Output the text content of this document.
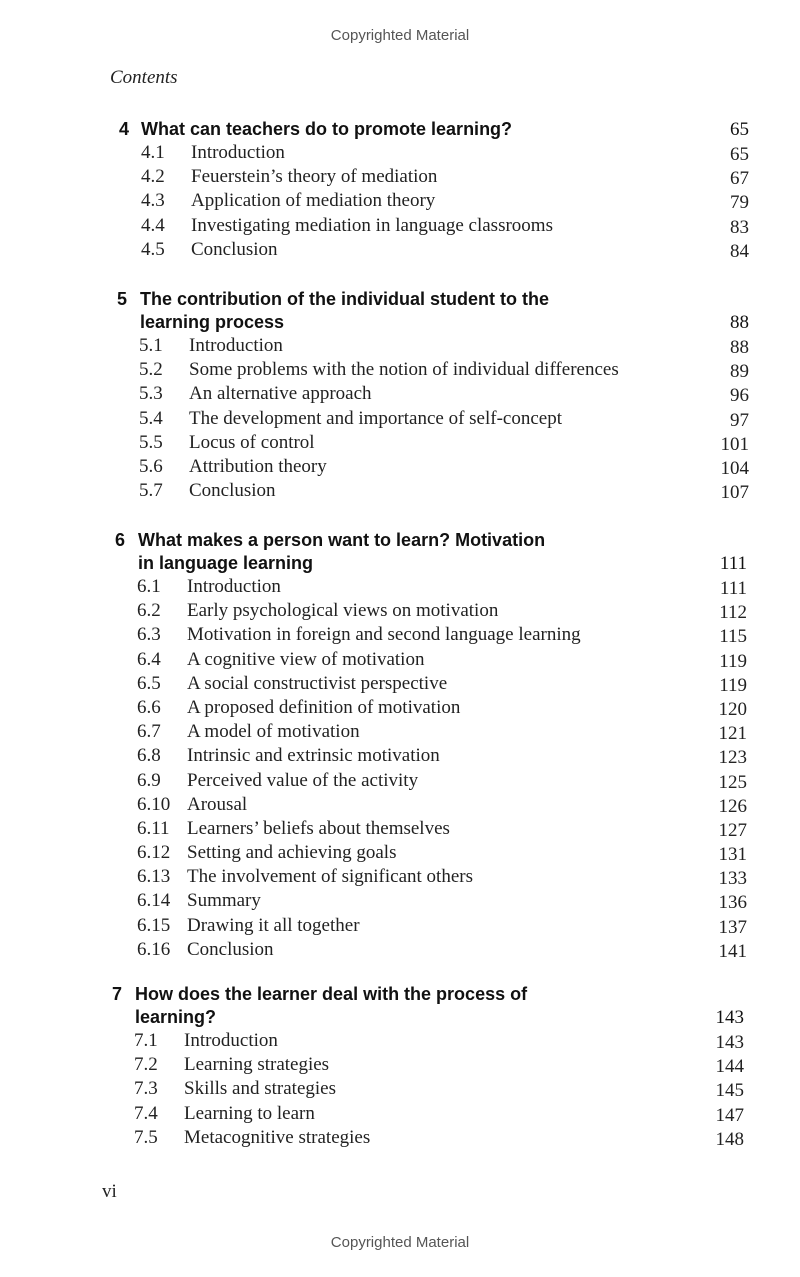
Copyrighted Material
Contents
4 What can teachers do to promote learning?	65
4.1 Introduction	65
4.2 Feuerstein’s theory of mediation	67
4.3 Application of mediation theory	79
4.4 Investigating mediation in language classrooms	83
4.5 Conclusion	84
5 The contribution of the individual student to the
learning process	88
5.1 Introduction	88
5.2 Some problems with the notion of individual differences	89
5.3 An alternative approach	96
5.4 The development and importance of self-concept	97
5.5 Locus of control	101
5.6 Attribution theory	104
5.7 Conclusion	107
6 What makes a person want to learn? Motivation
in language learning	111
6.1 Introduction	111
6.2 Early psychological views on motivation	112
6.3 Motivation in foreign and second language learning	115
6.4 A cognitive view of motivation	119
6.5 A social constructivist perspective	119
6.6 A proposed definition of motivation	120
6.7 A model of motivation	121
6.8 Intrinsic and extrinsic motivation	123
6.9 Perceived value of the activity	125
6.10 Arousal	126
6.11 Learners’ beliefs about themselves	127
6.12 Setting and achieving goals	131
6.13 The involvement of significant others	133
6.14 Summary	136
6.15 Drawing it all together	137
6.16 Conclusion	141
7 How does the learner deal with the process of
learning?	143
7.1 Introduction	143
7.2 Learning strategies	144
7.3 Skills and strategies	145
7.4 Learning to learn	147
7.5 Metacognitive strategies	148
vi
Copyrighted Material
